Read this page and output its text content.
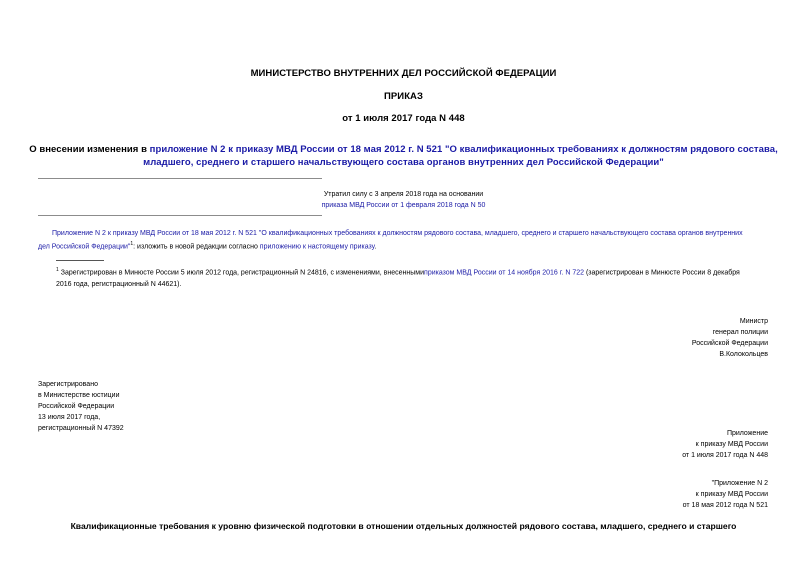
МИНИСТЕРСТВО ВНУТРЕННИХ ДЕЛ РОССИЙСКОЙ ФЕДЕРАЦИИ
ПРИКАЗ
от 1 июля 2017 года N 448
О внесении изменения в приложение N 2 к приказу МВД России от 18 мая 2012 г. N 521 "О квалификационных требованиях к должностям рядового состава,
младшего, среднего и старшего начальствующего состава органов внутренних дел Российской Федерации"
Утратил силу с 3 апреля 2018 года на основании
приказа МВД России от 1 февраля 2018 года N 50
Приложение N 2 к приказу МВД России от 18 мая 2012 г. N 521 "О квалификационных требованиях к должностям рядового состава, младшего, среднего и старшего начальствующего состава органов внутренних
дел Российской Федерации"$^1$: изложить в новой редакции согласно приложению к настоящему приказу.
$^1$ Зарегистрирован в Минюсте России 5 июля 2012 года, регистрационный N 24816, с изменениями, внесеннымиприказом МВД России от 14 ноября 2016 г. N 722 (зарегистрирован в Минюсте России 8 декабря
2016 года, регистрационный N 44621).
Министр
генерал полиции
Российской Федерации
В.Колокольцев
Зарегистрировано
в Министерстве юстиции
Российской Федерации
13 июля 2017 года,
регистрационный N 47392
Приложение
к приказу МВД России
от 1 июля 2017 года N 448
"Приложение N 2
к приказу МВД России
от 18 мая 2012 года N 521
Квалификационные требования к уровню физической подготовки в отношении отдельных должностей рядового состава, младшего, среднего и старшего
